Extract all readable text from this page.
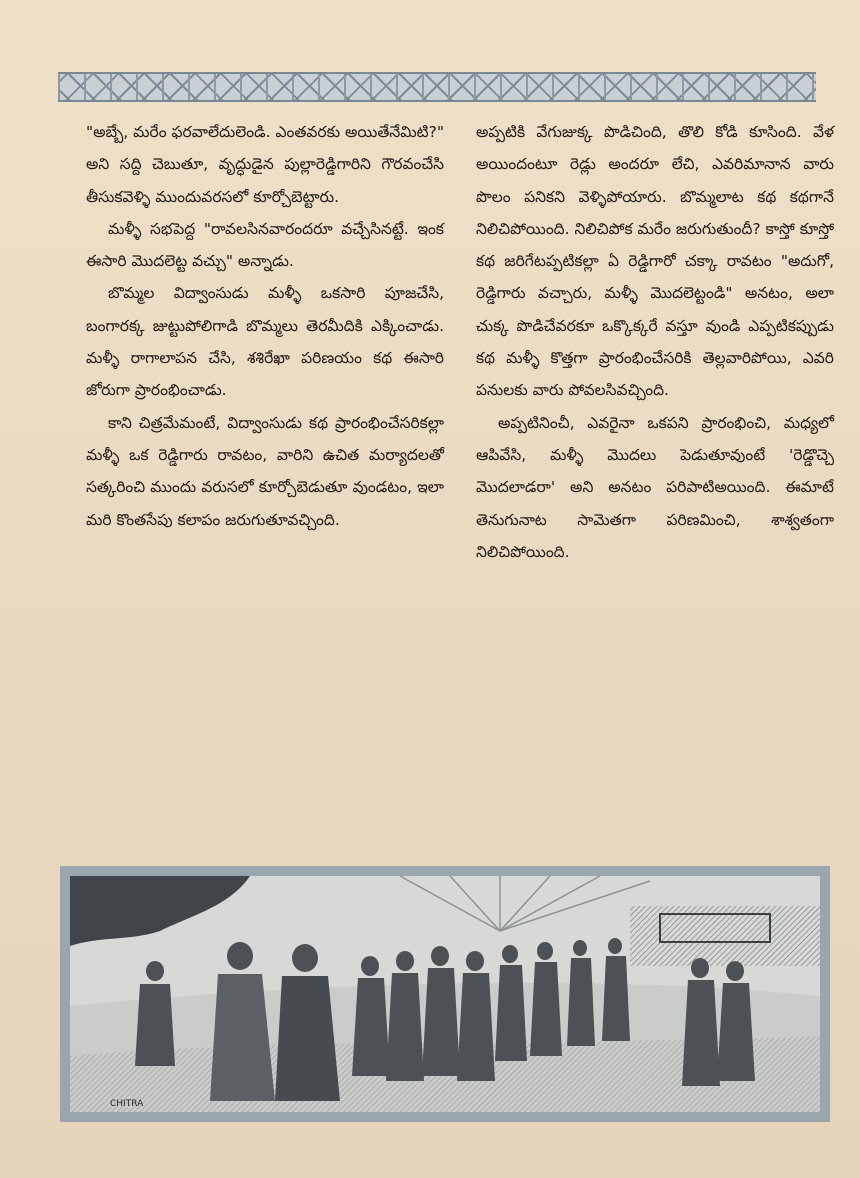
"అబ్బే, మరేం ఫరవాలేదులెండి. ఎంతవరకు అయితేనేమిటి?" అని సద్ది చెబుతూ, వృద్ధుడైన పుల్లారెడ్డిగారిని గౌరవంచేసి తీసుకవెళ్ళి ముందువరసలో కూర్చోబెట్టారు.

మళ్ళీ సభపెద్ద "రావలసినవారందరూ వచ్చేసినట్టే. ఇంక ఈసారి మొదలెట్ట వచ్చు" అన్నాడు.

బొమ్మల విద్వాంసుడు మళ్ళీ ఒకసారి పూజచేసి, బంగారక్క జుట్టుపోలిగాడి బొమ్మలు తెరమీదికి ఎక్కించాడు. మళ్ళీ రాగాలాపన చేసి, శశిరేఖా పరిణయం కథ ఈసారి జోరుగా ప్రారంభించాడు.

కాని చిత్రమేమంటే, విద్వాంసుడు కథ ప్రారంభించేసరికల్లా మళ్ళీ ఒక రెడ్డిగారు రావటం, వారిని ఉచిత మర్యాదలతో సత్కరించి ముందు వరుసలో కూర్చోబెడుతూ వుండటం, ఇలా మరి కొంతసేపు కలాపం జరుగుతూవచ్చింది.

అప్పటికి వేగుజుక్క పొడిచింది, తొలి కోడి కూసింది. వేళ అయిందంటూ రెడ్లు అందరూ లేచి, ఎవరిమానాన వారు పొలం పనికని వెళ్ళిపోయారు. బొమ్మలాట కథ కథగానే నిలిచిపోయింది. నిలిచిపోక మరేం జరుగుతుందీ? కాస్తో కూస్తో కథ జరిగేటప్పటికల్లా ఏ రెడ్డిగారో చక్కా రావటం "అదుగో, రెడ్డిగారు వచ్చారు, మళ్ళీ మొదలెట్టండి" అనటం, అలా చుక్క పొడిచేవరకూ ఒక్కొక్కరే వస్తూ వుండి ఎప్పటికప్పుడు కథ మళ్ళీ కొత్తగా ప్రారంభించేసరికి తెల్లవారిపోయి, ఎవరి పనులకు వారు పోవలసివచ్చింది.

అప్పటినించీ, ఎవరైనా ఒకపని ప్రారంభించి, మధ్యలో ఆపివేసి, మళ్ళీ మొదలు పెడుతూవుంటే 'రెడ్డొచ్చె మొదలాడరా' అని అనటం పరిపాటిఅయింది. ఈమాటే తెనుగునాట సామెతగా పరిణమించి, శాశ్వతంగా నిలిచిపోయింది.

CHITRA
